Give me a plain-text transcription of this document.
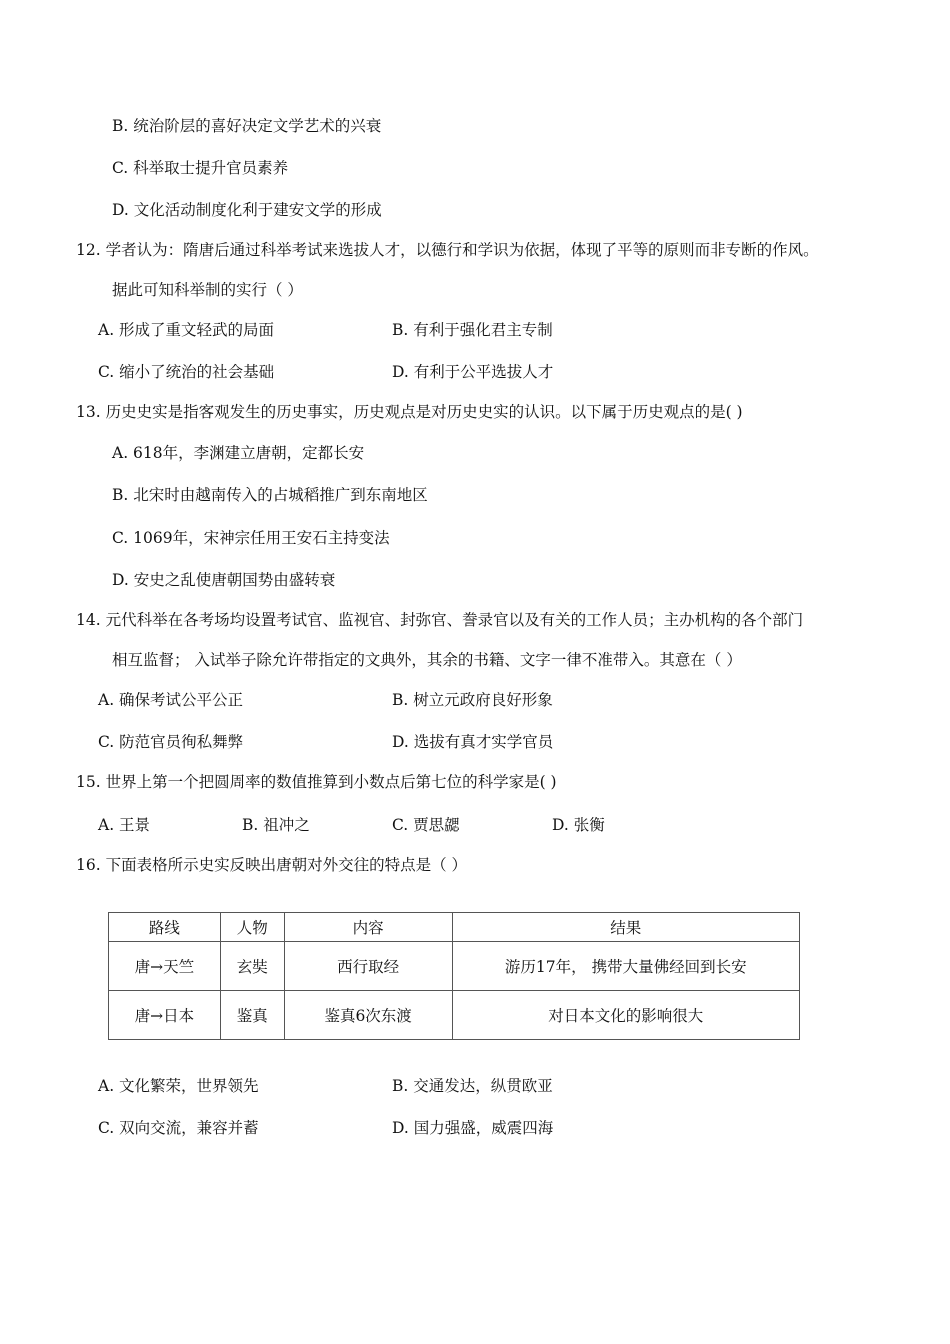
B. 统治阶层的喜好决定文学艺术的兴衰
C. 科举取士提升官员素养
D. 文化活动制度化利于建安文学的形成
12. 学者认为：隋唐后通过科举考试来选拔人才，以德行和学识为依据，体现了平等的原则而非专断的作风。
据此可知科举制的实行（ ）
A. 形成了重文轻武的局面	B. 有利于强化君主专制
C. 缩小了统治的社会基础	D. 有利于公平选拔人才
13. 历史史实是指客观发生的历史事实，历史观点是对历史史实的认识。以下属于历史观点的是( )
A. 618年，李渊建立唐朝，定都长安
B. 北宋时由越南传入的占城稻推广到东南地区
C. 1069年，宋神宗任用王安石主持变法
D. 安史之乱使唐朝国势由盛转衰
14. 元代科举在各考场均设置考试官、监视官、封弥官、誊录官以及有关的工作人员；主办机构的各个部门
相互监督； 入试举子除允许带指定的文典外，其余的书籍、文字一律不准带入。其意在（ ）
A. 确保考试公平公正	B. 树立元政府良好形象
C. 防范官员徇私舞弊	D. 选拔有真才实学官员
15. 世界上第一个把圆周率的数值推算到小数点后第七位的科学家是( )
A. 王景	B. 祖冲之	C. 贾思勰	D. 张衡
16. 下面表格所示史实反映出唐朝对外交往的特点是（ ）
路线	人物	内容	结果
唐→天竺	玄奘	西行取经	游历17年， 携带大量佛经回到长安
唐→日本	鉴真	鉴真6次东渡	对日本文化的影响很大
A. 文化繁荣，世界领先	B. 交通发达，纵贯欧亚
C. 双向交流，兼容并蓄	D. 国力强盛，威震四海
